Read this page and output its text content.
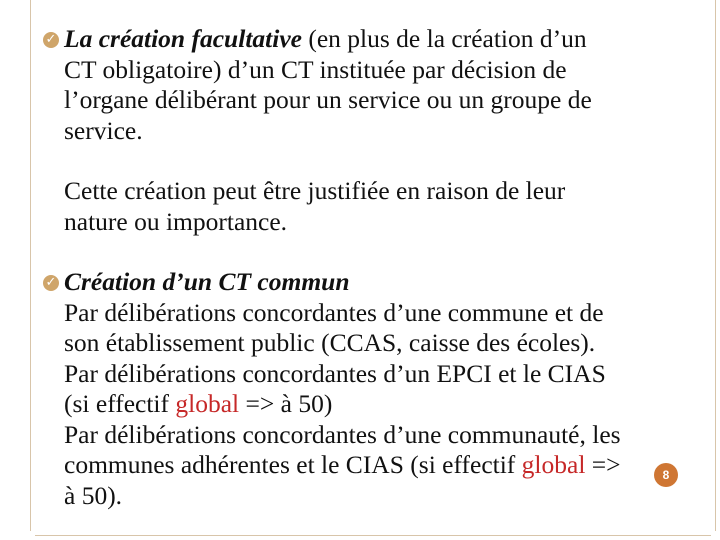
✓ La création facultative (en plus de la création d’un
CT obligatoire) d’un CT instituée par décision de
l’organe délibérant pour un service ou un groupe de
service.
Cette création peut être justifiée en raison de leur
nature ou importance.
✓ Création d’un CT commun
Par délibérations concordantes d’une commune et de
son établissement public (CCAS, caisse des écoles).
Par délibérations concordantes d’un EPCI et le CIAS
(si effectif global => à 50)
Par délibérations concordantes d’une communauté, les
communes adhérentes et le CIAS (si effectif global =>
à 50).
8
